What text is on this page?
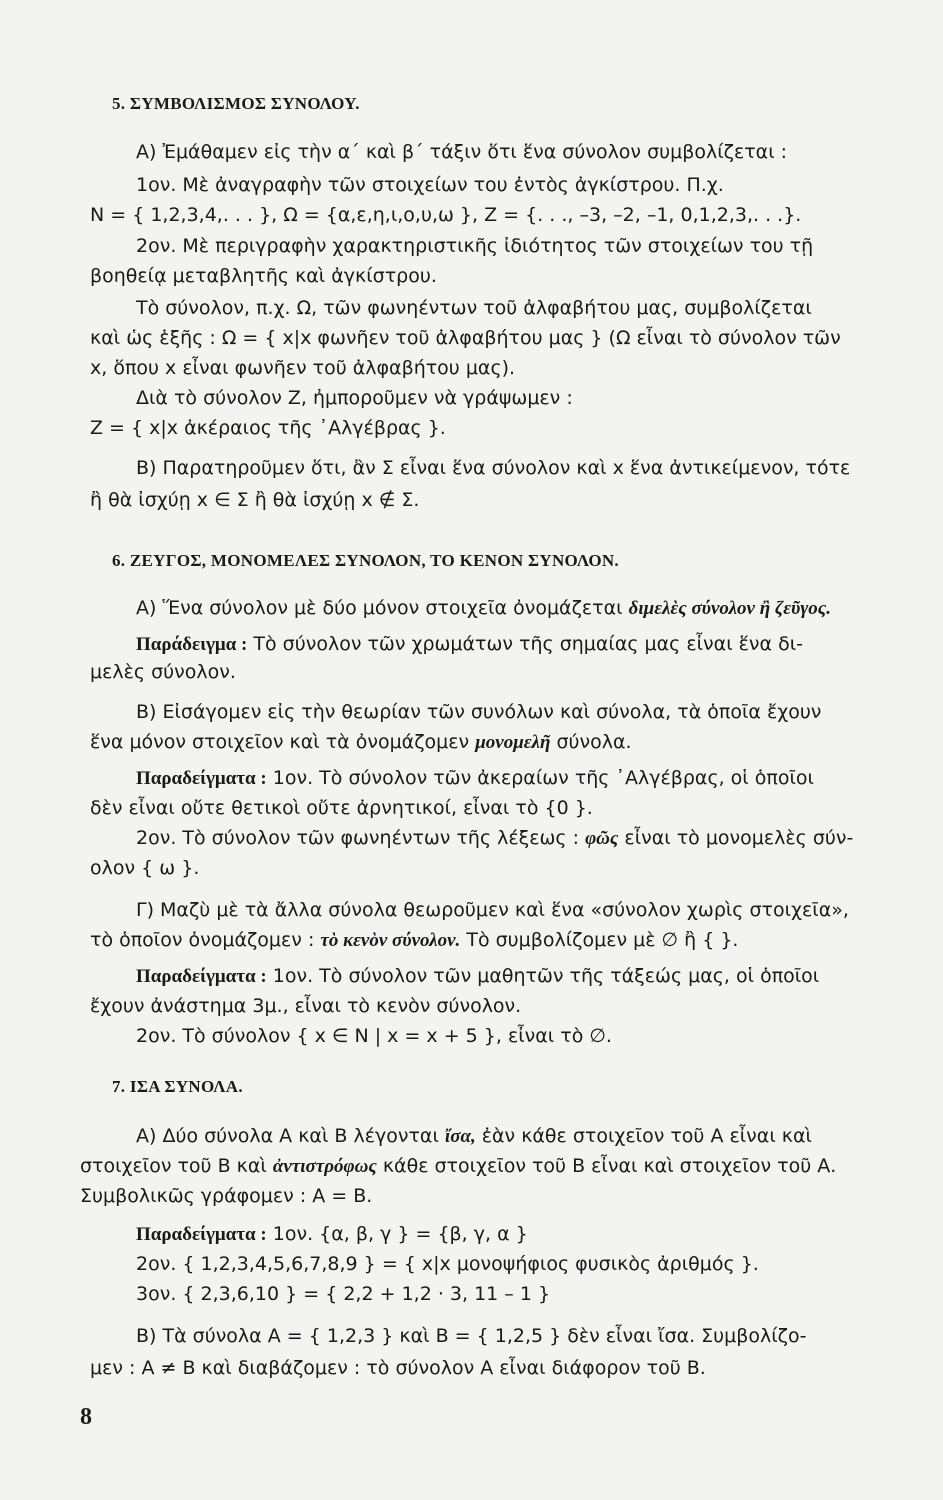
5. ΣΥΜΒΟΛΙΣΜΟΣ ΣΥΝΟΛΟΥ.
Α) Ἐμάθαμεν εἰς τὴν α΄ καὶ β΄ τάξιν ὅτι ἕνα σύνολον συμβολίζεται :
1ον. Μὲ ἀναγραφὴν τῶν στοιχείων του ἐντὸς ἀγκίστρου. Π.χ.
N = { 1,2,3,4,. . . }, Ω = {α,ε,η,ι,ο,υ,ω }, Z = {. . ., –3, –2, –1, 0,1,2,3,. . .}.
2ον. Μὲ περιγραφὴν χαρακτηριστικῆς ἰδιότητος τῶν στοιχείων του τῇ
βοηθείᾳ μεταβλητῆς καὶ ἀγκίστρου.
Τὸ σύνολον, π.χ. Ω, τῶν φωνηέντων τοῦ ἀλφαβήτου μας, συμβολίζεται
καὶ ὡς ἑξῆς : Ω = { x|x φωνῆεν τοῦ ἀλφαβήτου μας } (Ω εἶναι τὸ σύνολον τῶν
x, ὅπου x εἶναι φωνῆεν τοῦ ἀλφαβήτου μας).
Διὰ τὸ σύνολον Z, ἠμποροῦμεν νὰ γράψωμεν :
Z = { x|x ἀκέραιος τῆς ᾿Αλγέβρας }.
Β) Παρατηροῦμεν ὅτι, ἂν Σ εἶναι ἕνα σύνολον καὶ x ἕνα ἀντικείμενον, τότε
ἢ θὰ ἰσχύῃ x ∈ Σ ἢ θὰ ἰσχύῃ x ∉ Σ.
6. ΖΕΥΓΟΣ, ΜΟΝΟΜΕΛΕΣ ΣΥΝΟΛΟΝ, ΤΟ ΚΕΝΟΝ ΣΥΝΟΛΟΝ.
Α) Ἕνα σύνολον μὲ δύο μόνον στοιχεῖα ὀνομάζεται διμελὲς σύνολον ἢ ζεῦγος.
Παράδειγμα : Τὸ σύνολον τῶν χρωμάτων τῆς σημαίας μας εἶναι ἕνα δι-
μελὲς σύνολον.
Β) Εἰσάγομεν εἰς τὴν θεωρίαν τῶν συνόλων καὶ σύνολα, τὰ ὁποῖα ἔχουν
ἕνα μόνον στοιχεῖον καὶ τὰ ὀνομάζομεν μονομελῆ σύνολα.
Παραδείγματα : 1ον. Τὸ σύνολον τῶν ἀκεραίων τῆς ᾿Αλγέβρας, οἱ ὁποῖοι
δὲν εἶναι οὔτε θετικοὶ οὔτε ἀρνητικοί, εἶναι τὸ {0 }.
2ον. Τὸ σύνολον τῶν φωνηέντων τῆς λέξεως : φῶς εἶναι τὸ μονομελὲς σύν-
ολον { ω }.
Γ) Μαζὺ μὲ τὰ ἄλλα σύνολα θεωροῦμεν καὶ ἕνα «σύνολον χωρὶς στοιχεῖα»,
τὸ ὁποῖον ὀνομάζομεν : τὸ κενὸν σύνολον. Τὸ συμβολίζομεν μὲ ∅ ἢ { }.
Παραδείγματα : 1ον. Τὸ σύνολον τῶν μαθητῶν τῆς τάξεώς μας, οἱ ὁποῖοι
ἔχουν ἀνάστημα 3μ., εἶναι τὸ κενὸν σύνολον.
2ον. Τὸ σύνολον { x ∈ N | x = x + 5 }, εἶναι τὸ ∅.
7. ΙΣΑ ΣΥΝΟΛΑ.
Α) Δύο σύνολα Α καὶ Β λέγονται ἴσα, ἐὰν κάθε στοιχεῖον τοῦ Α εἶναι καὶ
στοιχεῖον τοῦ Β καὶ ἀντιστρόφως κάθε στοιχεῖον τοῦ Β εἶναι καὶ στοιχεῖον τοῦ Α.
Συμβολικῶς γράφομεν : Α = Β.
Παραδείγματα : 1ον. {α, β, γ } = {β, γ, α }
2ον. { 1,2,3,4,5,6,7,8,9 } = { x|x μονοψήφιος φυσικὸς ἀριθμός }.
3ον. { 2,3,6,10 } = { 2,2 + 1,2 · 3, 11 – 1 }
Β) Τὰ σύνολα Α = { 1,2,3 } καὶ Β = { 1,2,5 } δὲν εἶναι ἴσα. Συμβολίζο-
μεν : Α ≠ Β καὶ διαβάζομεν : τὸ σύνολον Α εἶναι διάφορον τοῦ Β.
8
